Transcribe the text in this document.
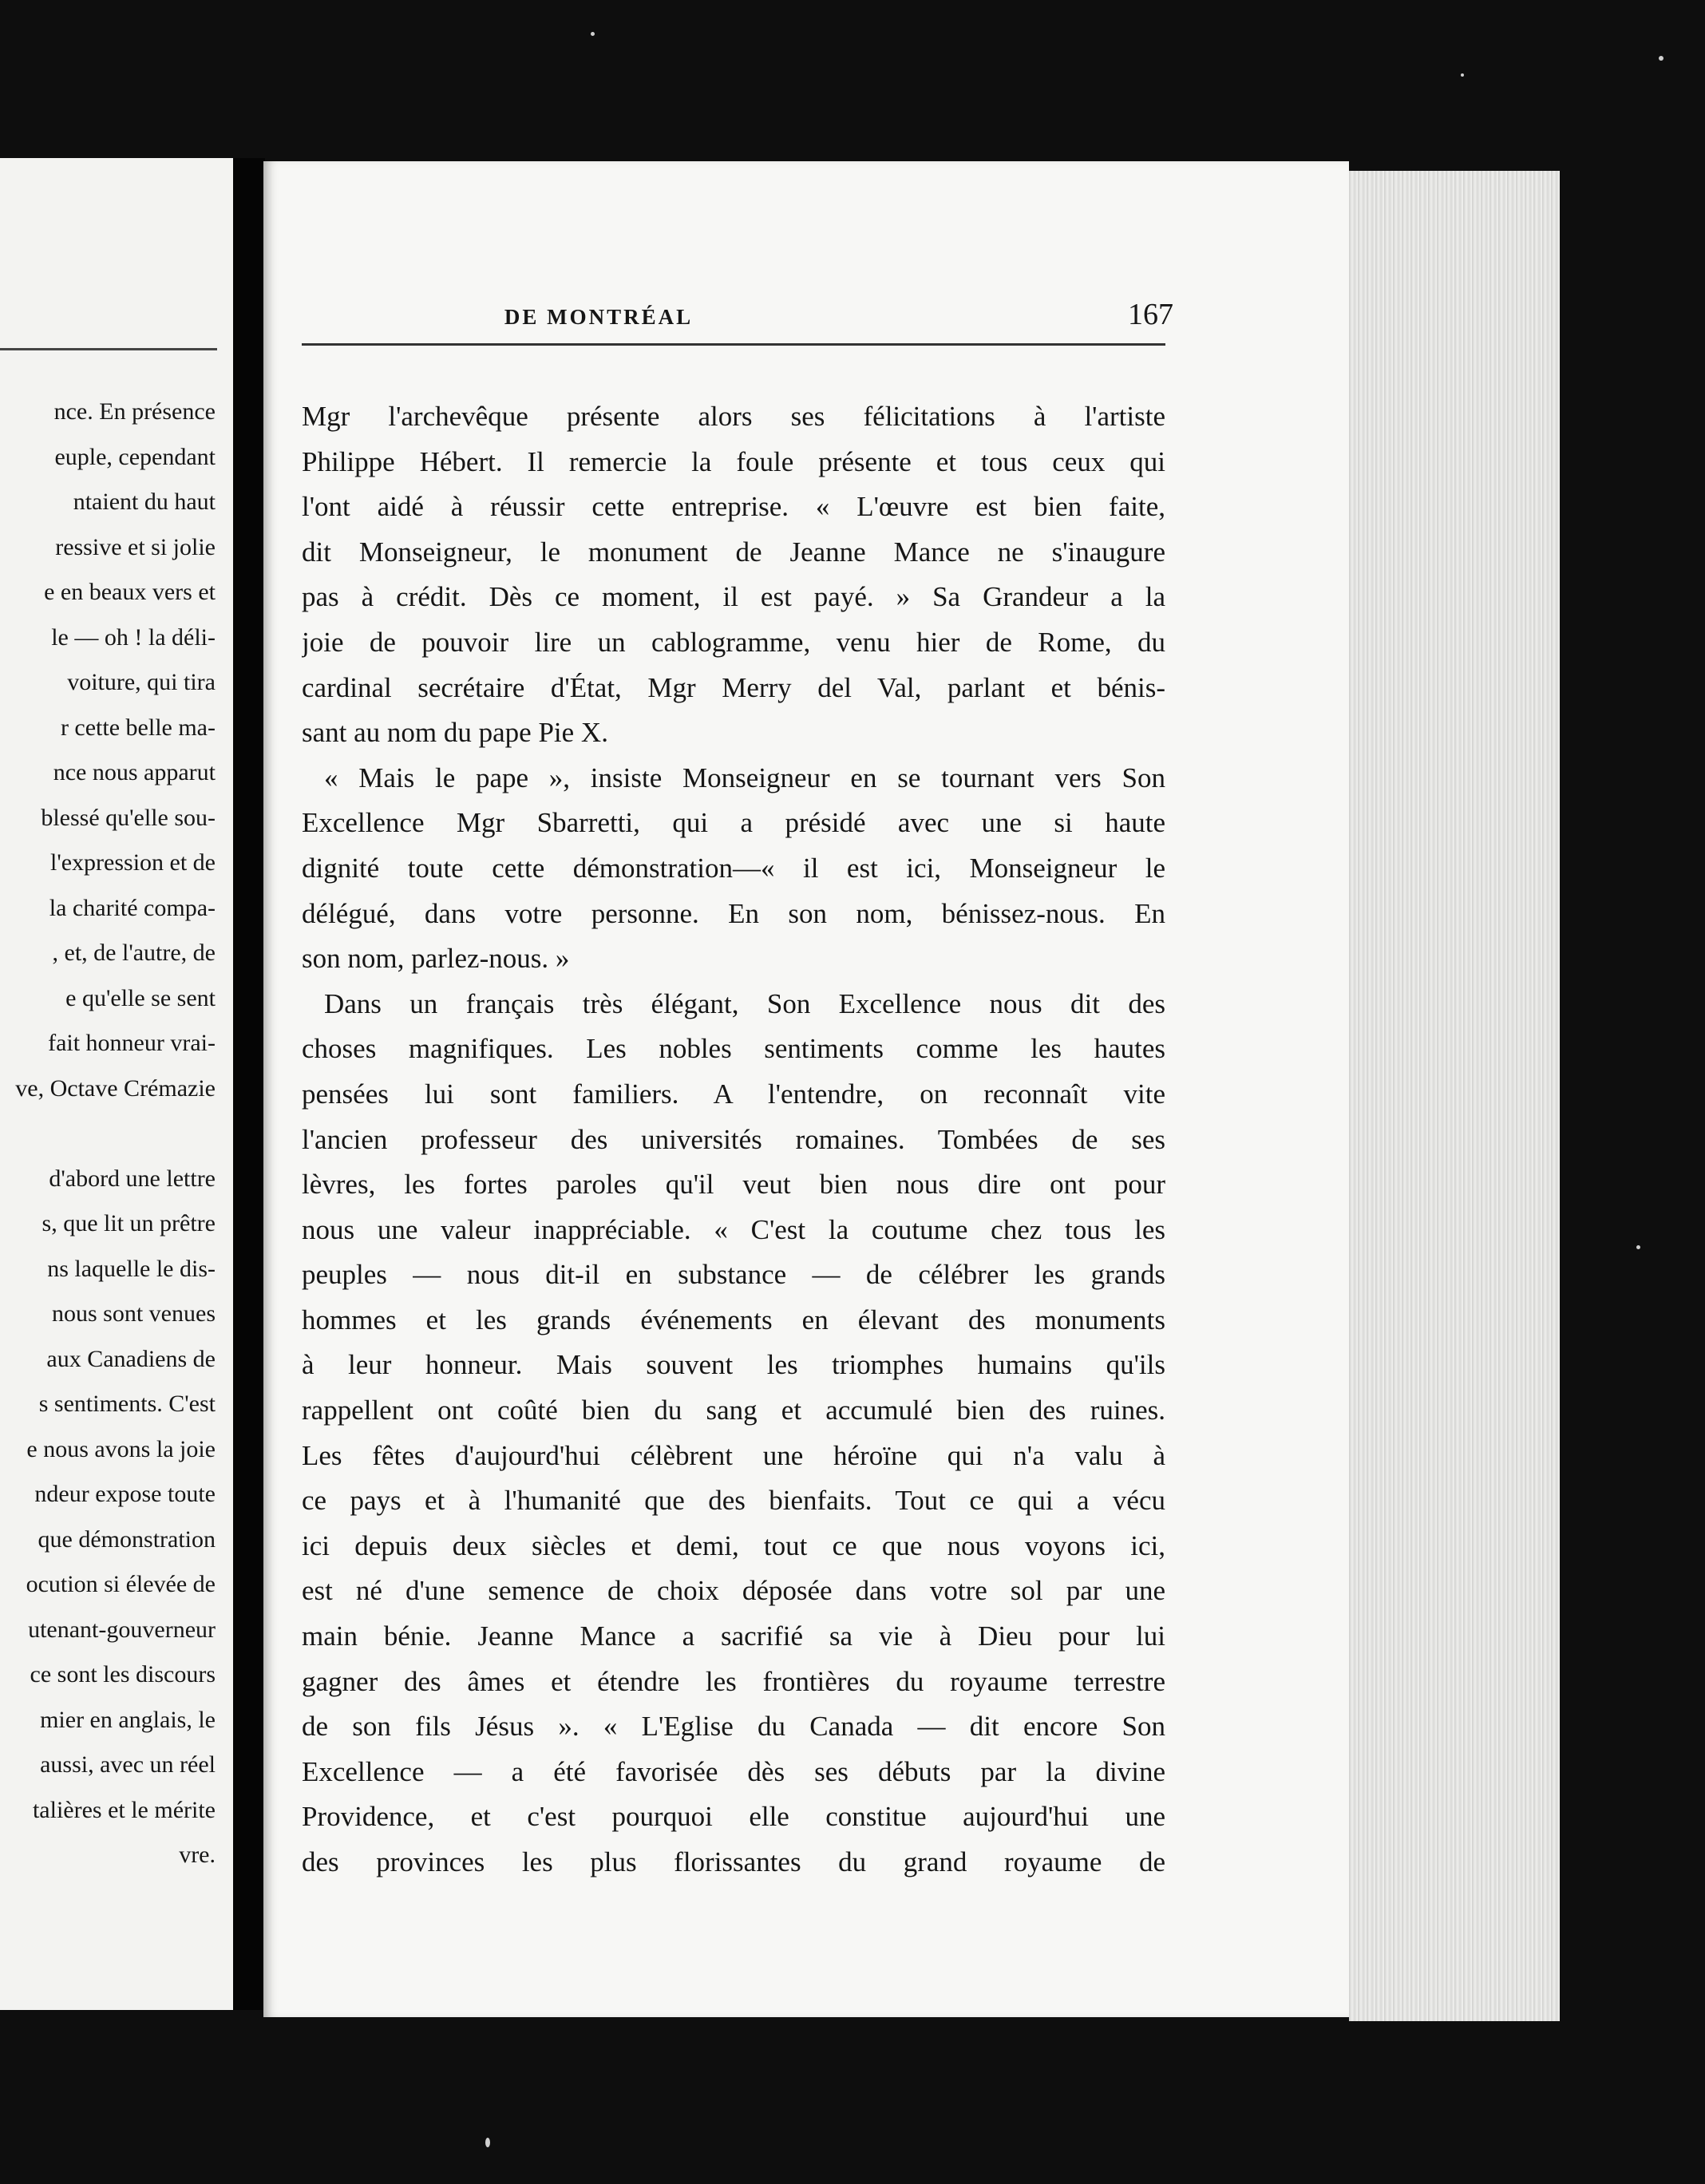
nce. En présence
euple, cependant
ntaient du haut
ressive et si jolie
e en beaux vers et
le — oh ! la déli-
voiture, qui tira
r cette belle ma-
nce nous apparut
blessé qu'elle sou-
l'expression et de
la charité compa-
, et, de l'autre, de
e qu'elle se sent
fait honneur vrai-
ve, Octave Crémazie
d'abord une lettre
s, que lit un prêtre
ns laquelle le dis-
nous sont venues
aux Canadiens de
s sentiments. C'est
e nous avons la joie
ndeur expose toute
que démonstration
ocution si élevée de
utenant-gouverneur
ce sont les discours
mier en anglais, le
aussi, avec un réel
talières et le mérite
vre.
DE MONTRÉAL	167
Mgr l'archevêque présente alors ses félicitations à l'artiste
Philippe Hébert. Il remercie la foule présente et tous ceux qui
l'ont aidé à réussir cette entreprise. « L'œuvre est bien faite,
dit Monseigneur, le monument de Jeanne Mance ne s'inaugure
pas à crédit. Dès ce moment, il est payé. » Sa Grandeur a la
joie de pouvoir lire un cablogramme, venu hier de Rome, du
cardinal secrétaire d'État, Mgr Merry del Val, parlant et bénis-
sant au nom du pape Pie X.
« Mais le pape », insiste Monseigneur en se tournant vers Son
Excellence Mgr Sbarretti, qui a présidé avec une si haute
dignité toute cette démonstration—« il est ici, Monseigneur le
délégué, dans votre personne. En son nom, bénissez-nous. En
son nom, parlez-nous. »
Dans un français très élégant, Son Excellence nous dit des
choses magnifiques. Les nobles sentiments comme les hautes
pensées lui sont familiers. A l'entendre, on reconnaît vite
l'ancien professeur des universités romaines. Tombées de ses
lèvres, les fortes paroles qu'il veut bien nous dire ont pour
nous une valeur inappréciable. « C'est la coutume chez tous les
peuples — nous dit-il en substance — de célébrer les grands
hommes et les grands événements en élevant des monuments
à leur honneur. Mais souvent les triomphes humains qu'ils
rappellent ont coûté bien du sang et accumulé bien des ruines.
Les fêtes d'aujourd'hui célèbrent une héroïne qui n'a valu à
ce pays et à l'humanité que des bienfaits. Tout ce qui a vécu
ici depuis deux siècles et demi, tout ce que nous voyons ici,
est né d'une semence de choix déposée dans votre sol par une
main bénie. Jeanne Mance a sacrifié sa vie à Dieu pour lui
gagner des âmes et étendre les frontières du royaume terrestre
de son fils Jésus ». « L'Eglise du Canada — dit encore Son
Excellence — a été favorisée dès ses débuts par la divine
Providence, et c'est pourquoi elle constitue aujourd'hui une
des provinces les plus florissantes du grand royaume de
